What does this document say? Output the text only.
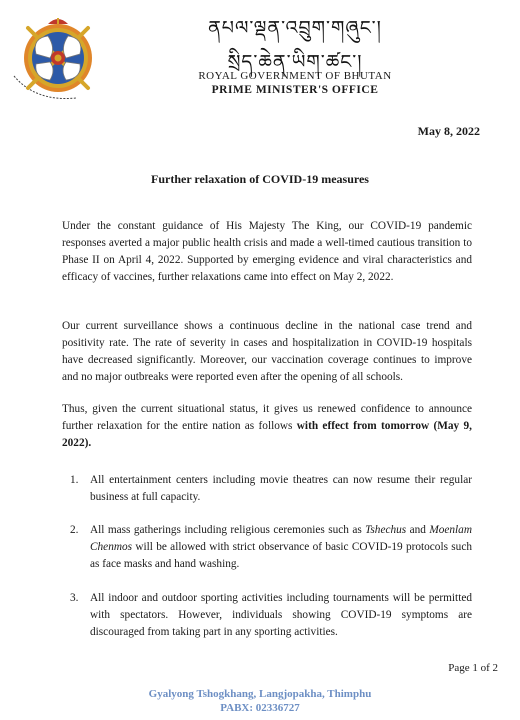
ནཔལ་ལྡན་འབྲུག་གཞུང་།
སྲིད་ཆེན་ཡིག་ཚང་།
ROYAL GOVERNMENT OF BHUTAN
PRIME MINISTER'S OFFICE
May 8, 2022
Further relaxation of COVID-19 measures

Under the constant guidance of His Majesty The King, our COVID-19 pandemic responses averted a major public health crisis and made a well-timed cautious transition to Phase II on April 4, 2022. Supported by emerging evidence and viral characteristics and efficacy of vaccines, further relaxations came into effect on May 2, 2022.

Our current surveillance shows a continuous decline in the national case trend and positivity rate. The rate of severity in cases and hospitalization in COVID-19 hospitals have decreased significantly. Moreover, our vaccination coverage continues to improve and no major outbreaks were reported even after the opening of all schools.

Thus, given the current situational status, it gives us renewed confidence to announce further relaxation for the entire nation as follows with effect from tomorrow (May 9, 2022).

1. All entertainment centers including movie theatres can now resume their regular business at full capacity.
2. All mass gatherings including religious ceremonies such as Tshechus and Moenlam Chenmos will be allowed with strict observance of basic COVID-19 protocols such as face masks and hand washing.
3. All indoor and outdoor sporting activities including tournaments will be permitted with spectators. However, individuals showing COVID-19 symptoms are discouraged from taking part in any sporting activities.
Page 1 of 2
Gyalyong Tshogkhang, Langjopakha, Thimphu
PABX: 02336727
